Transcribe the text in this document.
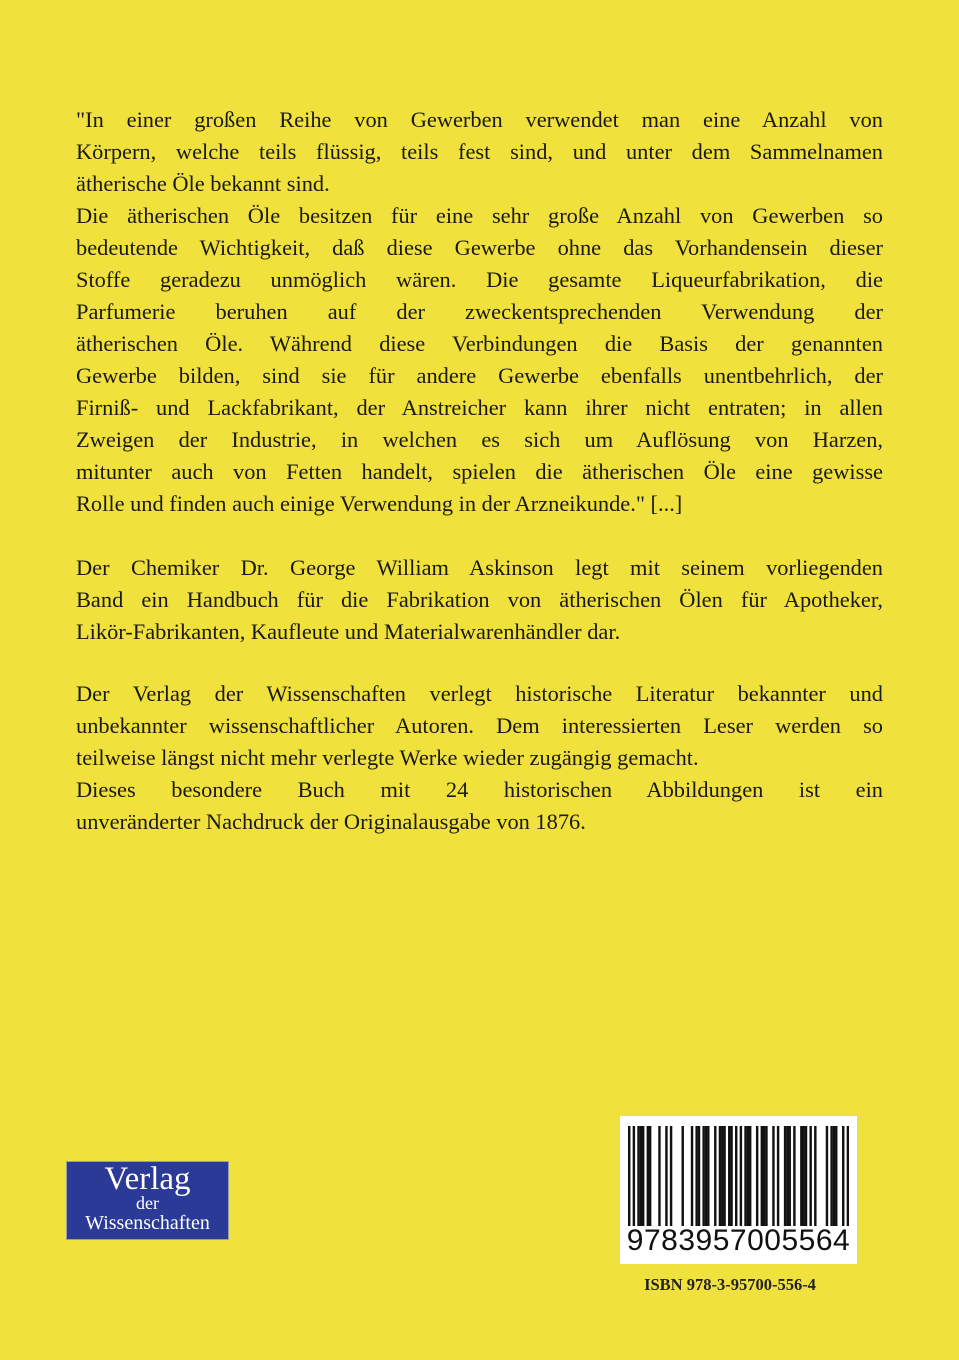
"In einer großen Reihe von Gewerben verwendet man eine Anzahl von
Körpern, welche teils flüssig, teils fest sind, und unter dem Sammelnamen
ätherische Öle bekannt sind.
Die ätherischen Öle besitzen für eine sehr große Anzahl von Gewerben so
bedeutende Wichtigkeit, daß diese Gewerbe ohne das Vorhandensein dieser
Stoffe geradezu unmöglich wären. Die gesamte Liqueurfabrikation, die
Parfumerie beruhen auf der zweckentsprechenden Verwendung der
ätherischen Öle. Während diese Verbindungen die Basis der genannten
Gewerbe bilden, sind sie für andere Gewerbe ebenfalls unentbehrlich, der
Firniß- und Lackfabrikant, der Anstreicher kann ihrer nicht entraten; in allen
Zweigen der Industrie, in welchen es sich um Auflösung von Harzen,
mitunter auch von Fetten handelt, spielen die ätherischen Öle eine gewisse
Rolle und finden auch einige Verwendung in der Arzneikunde." [...]
Der Chemiker Dr. George William Askinson legt mit seinem vorliegenden
Band ein Handbuch für die Fabrikation von ätherischen Ölen für Apotheker,
Likör-Fabrikanten, Kaufleute und Materialwarenhändler dar.
Der Verlag der Wissenschaften verlegt historische Literatur bekannter und
unbekannter wissenschaftlicher Autoren. Dem interessierten Leser werden so
teilweise längst nicht mehr verlegte Werke wieder zugängig gemacht.
Dieses besondere Buch mit 24 historischen Abbildungen ist ein
unveränderter Nachdruck der Originalausgabe von 1876.
Verlag
der
Wissenschaften
9783957005564
ISBN 978-3-95700-556-4
